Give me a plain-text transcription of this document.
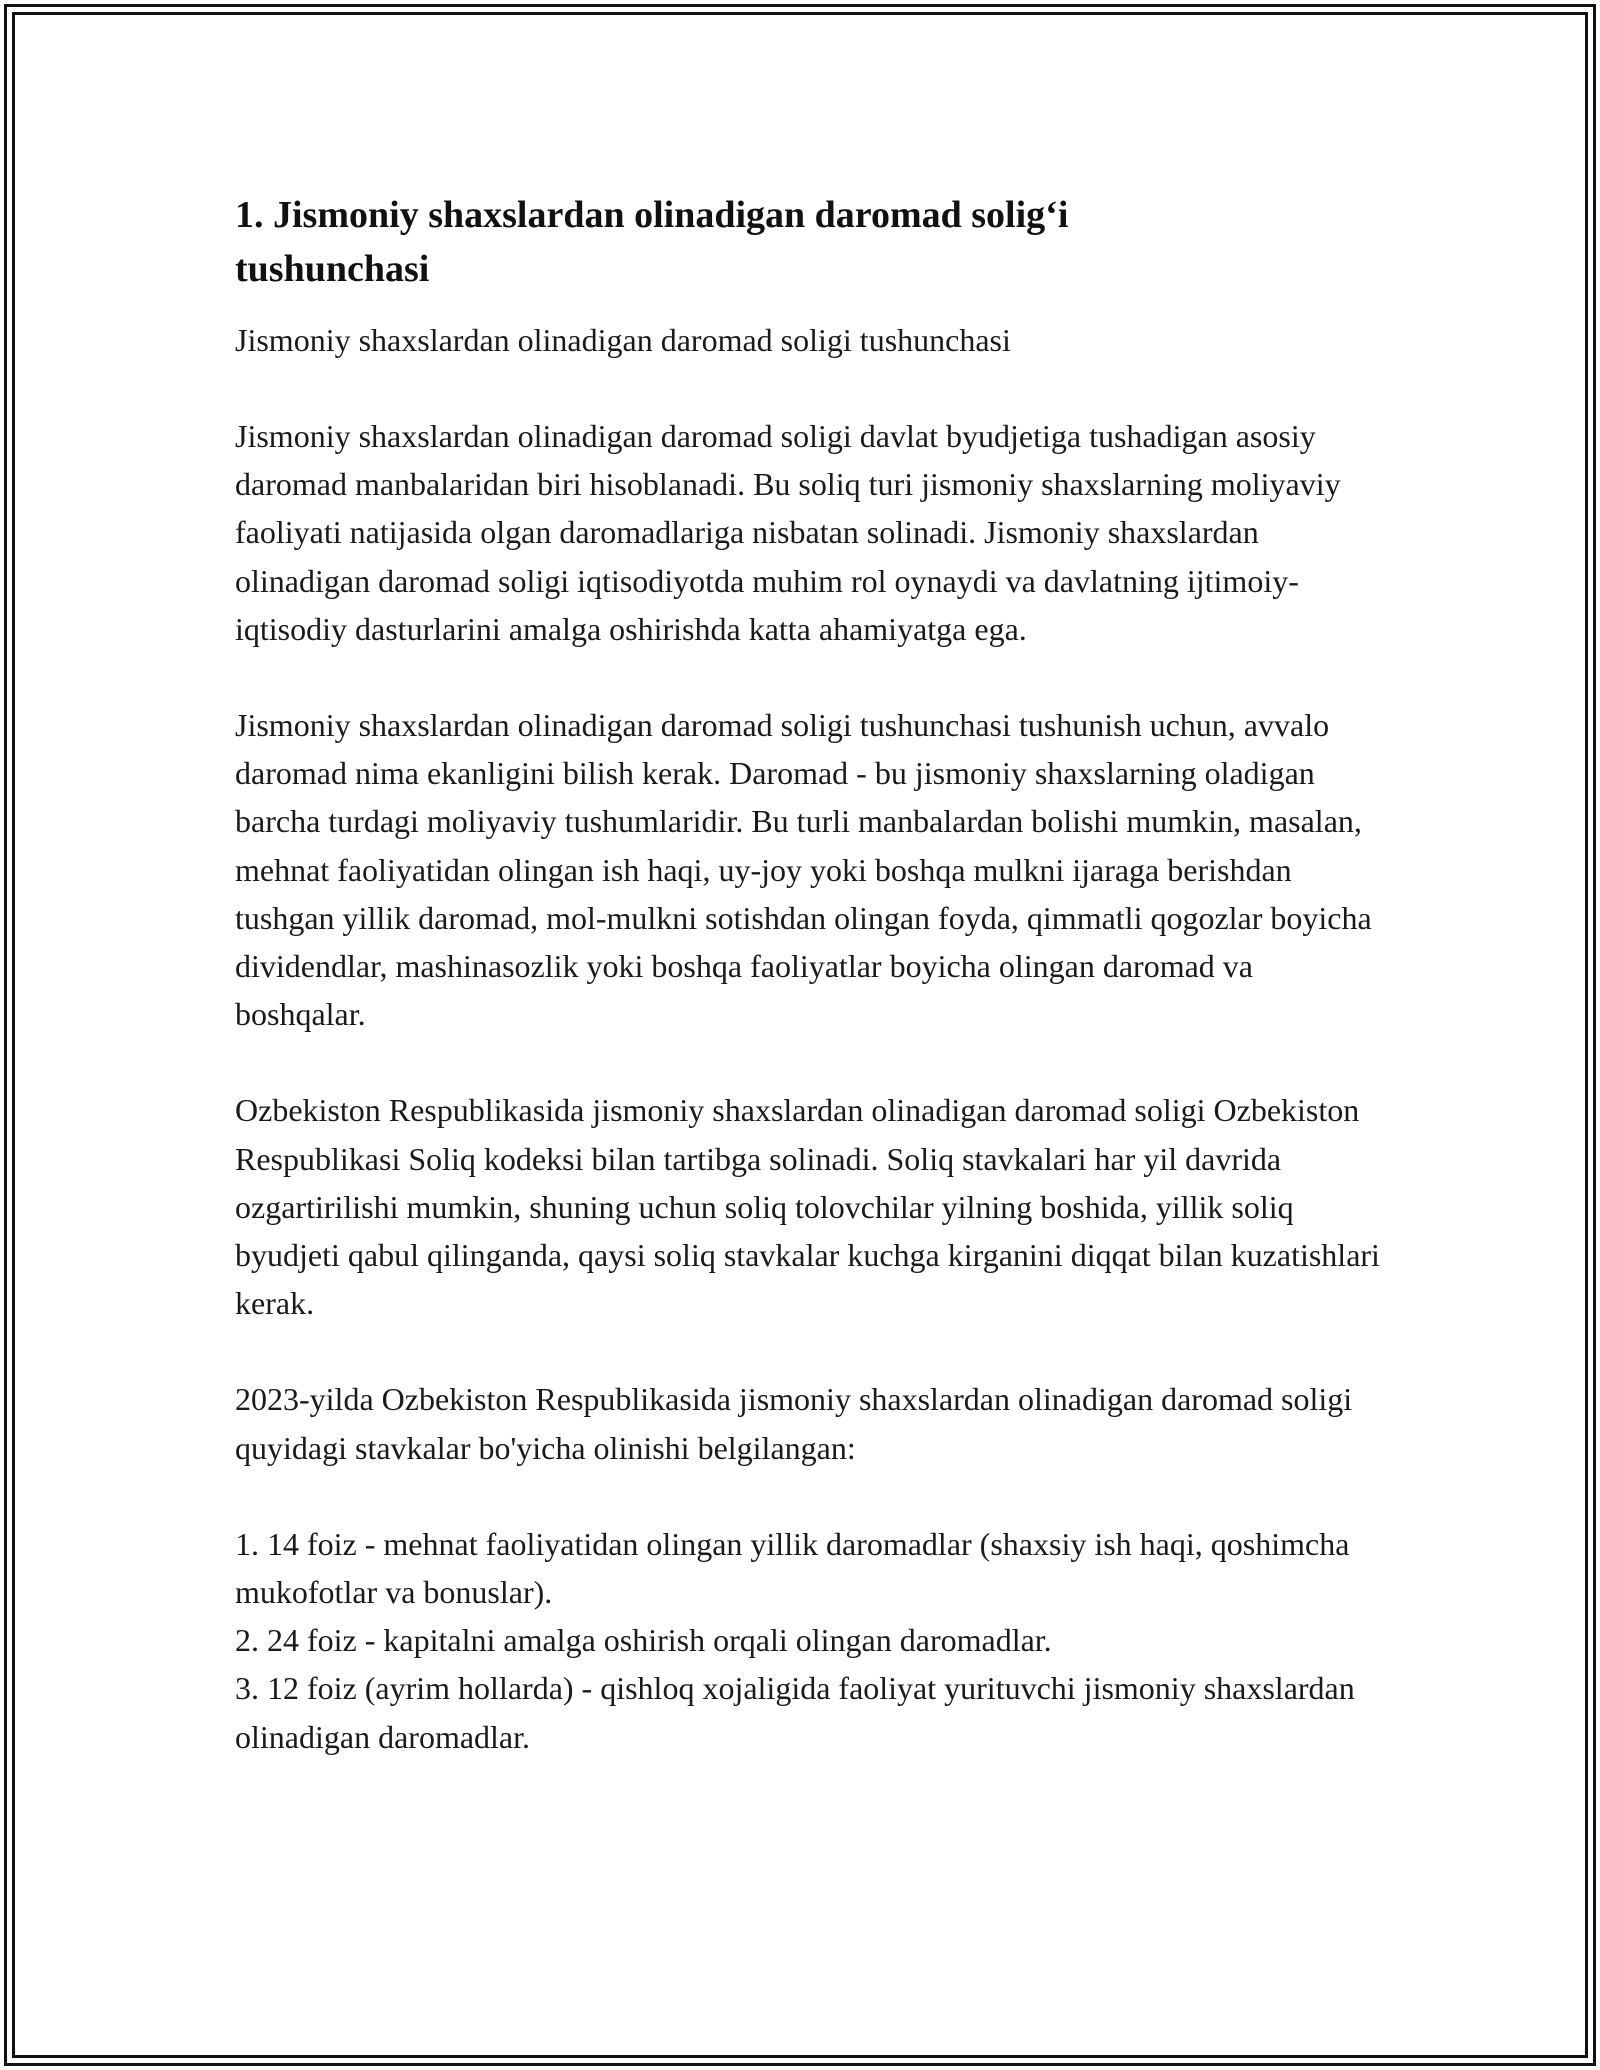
1. Jismoniy shaxslardan olinadigan daromad solig‘i
tushunchasi

Jismoniy shaxslardan olinadigan daromad soligi tushunchasi

Jismoniy shaxslardan olinadigan daromad soligi davlat byudjetiga tushadigan asosiy daromad manbalaridan biri hisoblanadi. Bu soliq turi jismoniy shaxslarning moliyaviy faoliyati natijasida olgan daromadlariga nisbatan solinadi. Jismoniy shaxslardan olinadigan daromad soligi iqtisodiyotda muhim rol oynaydi va davlatning ijtimoiy-iqtisodiy dasturlarini amalga oshirishda katta ahamiyatga ega.

Jismoniy shaxslardan olinadigan daromad soligi tushunchasi tushunish uchun, avvalo daromad nima ekanligini bilish kerak. Daromad - bu jismoniy shaxslarning oladigan barcha turdagi moliyaviy tushumlaridir. Bu turli manbalardan bolishi mumkin, masalan, mehnat faoliyatidan olingan ish haqi, uy-joy yoki boshqa mulkni ijaraga berishdan tushgan yillik daromad, mol-mulkni sotishdan olingan foyda, qimmatli qogozlar boyicha dividendlar, mashinasozlik yoki boshqa faoliyatlar boyicha olingan daromad va boshqalar.

Ozbekiston Respublikasida jismoniy shaxslardan olinadigan daromad soligi Ozbekiston Respublikasi Soliq kodeksi bilan tartibga solinadi. Soliq stavkalari har yil davrida ozgartirilishi mumkin, shuning uchun soliq tolovchilar yilning boshida, yillik soliq byudjeti qabul qilinganda, qaysi soliq stavkalar kuchga kirganini diqqat bilan kuzatishlari kerak.

2023-yilda Ozbekiston Respublikasida jismoniy shaxslardan olinadigan daromad soligi quyidagi stavkalar bo'yicha olinishi belgilangan:

1. 14 foiz - mehnat faoliyatidan olingan yillik daromadlar (shaxsiy ish haqi, qoshimcha mukofotlar va bonuslar).
2. 24 foiz - kapitalni amalga oshirish orqali olingan daromadlar.
3. 12 foiz (ayrim hollarda) - qishloq xojaligida faoliyat yurituvchi jismoniy shaxslardan olinadigan daromadlar.
